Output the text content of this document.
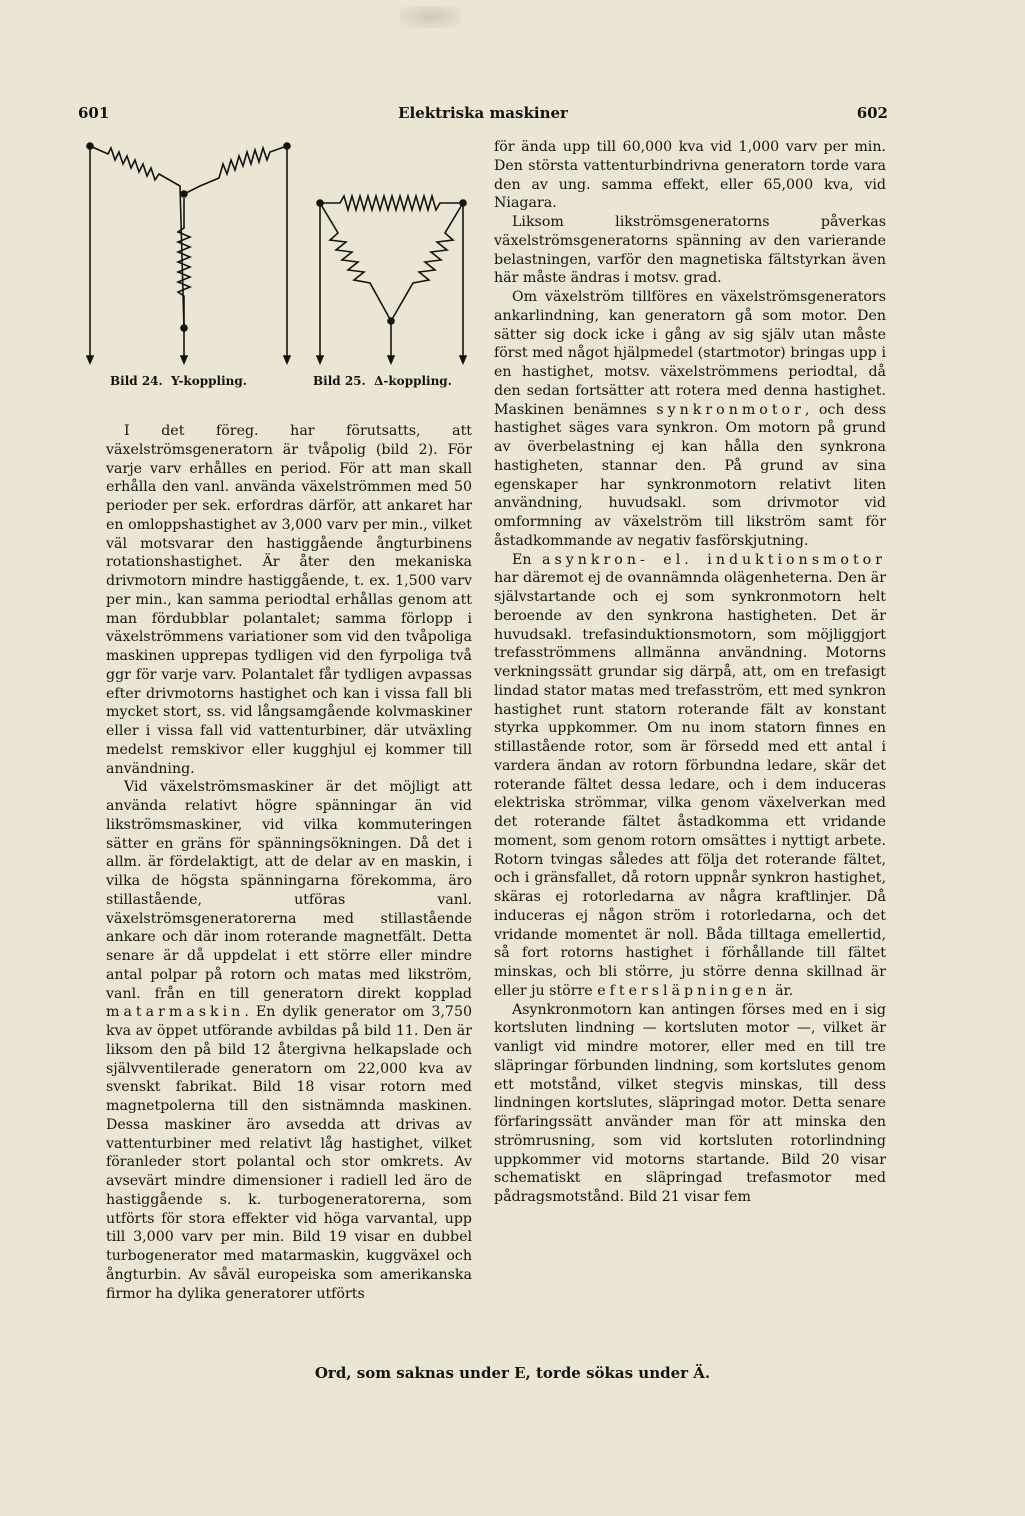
601	Elektriska maskiner	602
Bild 24. Y-koppling.	Bild 25. Δ-koppling.

I det föreg. har förutsatts, att växelströmsgeneratorn är tvåpolig (bild 2). För varje varv erhålles en period. För att man skall erhålla den vanl. använda växelströmmen med 50 perioder per sek. erfordras därför, att ankaret har en omloppshastighet av 3,000 varv per min., vilket väl motsvarar den hastiggående ångturbinens rotationshastighet. Är åter den mekaniska drivmotorn mindre hastiggående, t. ex. 1,500 varv per min., kan samma periodtal erhållas genom att man fördubblar polantalet; samma förlopp i växelströmmens variationer som vid den tvåpoliga maskinen upprepas tydligen vid den fyrpoliga två ggr för varje varv. Polantalet får tydligen avpassas efter drivmotorns hastighet och kan i vissa fall bli mycket stort, ss. vid långsamgående kolvmaskiner eller i vissa fall vid vattenturbiner, där utväxling medelst remskivor eller kugghjul ej kommer till användning.

Vid växelströmsmaskiner är det möjligt att använda relativt högre spänningar än vid likströmsmaskiner, vid vilka kommuteringen sätter en gräns för spänningsökningen. Då det i allm. är fördelaktigt, att de delar av en maskin, i vilka de högsta spänningarna förekomma, äro stillastående, utföras vanl. växelströmsgeneratorerna med stillastående ankare och där inom roterande magnetfält. Detta senare är då uppdelat i ett större eller mindre antal polpar på rotorn och matas med likström, vanl. från en till generatorn direkt kopplad matarmaskin. En dylik generator om 3,750 kva av öppet utförande avbildas på bild 11. Den är liksom den på bild 12 återgivna helkapslade och självventilerade generatorn om 22,000 kva av svenskt fabrikat. Bild 18 visar rotorn med magnetpolerna till den sistnämnda maskinen. Dessa maskiner äro avsedda att drivas av vattenturbiner med relativt låg hastighet, vilket föranleder stort polantal och stor omkrets. Av avsevärt mindre dimensioner i radiell led äro de hastiggående s. k. turbogeneratorerna, som utförts för stora effekter vid höga varvantal, upp till 3,000 varv per min. Bild 19 visar en dubbel turbogenerator med matarmaskin, kuggväxel och ångturbin. Av såväl europeiska som amerikanska firmor ha dylika generatorer utförts

för ända upp till 60,000 kva vid 1,000 varv per min. Den största vattenturbindrivna generatorn torde vara den av ung. samma effekt, eller 65,000 kva, vid Niagara.

Liksom likströmsgeneratorns påverkas växelströmsgeneratorns spänning av den varierande belastningen, varför den magnetiska fältstyrkan även här måste ändras i motsv. grad.

Om växelström tillföres en växelströmsgenerators ankarlindning, kan generatorn gå som motor. Den sätter sig dock icke i gång av sig själv utan måste först med något hjälpmedel (startmotor) bringas upp i en hastighet, motsv. växelströmmens periodtal, då den sedan fortsätter att rotera med denna hastighet. Maskinen benämnes synkronmotor, och dess hastighet säges vara synkron. Om motorn på grund av överbelastning ej kan hålla den synkrona hastigheten, stannar den. På grund av sina egenskaper har synkronmotorn relativt liten användning, huvudsakl. som drivmotor vid omformning av växelström till likström samt för åstadkommande av negativ fasförskjutning.

En asynkron- el. induktionsmotor har däremot ej de ovannämnda olägenheterna. Den är självstartande och ej som synkronmotorn helt beroende av den synkrona hastigheten. Det är huvudsakl. trefasinduktionsmotorn, som möjliggjort trefasströmmens allmänna användning. Motorns verkningssätt grundar sig därpå, att, om en trefasigt lindad stator matas med trefasström, ett med synkron hastighet runt statorn roterande fält av konstant styrka uppkommer. Om nu inom statorn finnes en stillastående rotor, som är försedd med ett antal i vardera ändan av rotorn förbundna ledare, skär det roterande fältet dessa ledare, och i dem induceras elektriska strömmar, vilka genom växelverkan med det roterande fältet åstadkomma ett vridande moment, som genom rotorn omsättes i nyttigt arbete. Rotorn tvingas således att följa det roterande fältet, och i gränsfallet, då rotorn uppnår synkron hastighet, skäras ej rotorledarna av några kraftlinjer. Då induceras ej någon ström i rotorledarna, och det vridande momentet är noll. Båda tilltaga emellertid, så fort rotorns hastighet i förhållande till fältet minskas, och bli större, ju större denna skillnad är eller ju större eftersläpningen är.

Asynkronmotorn kan antingen förses med en i sig kortsluten lindning — kortsluten motor —, vilket är vanligt vid mindre motorer, eller med en till tre släpringar förbunden lindning, som kortslutes genom ett motstånd, vilket stegvis minskas, till dess lindningen kortslutes, släpringad motor. Detta senare förfaringssätt använder man för att minska den strömrusning, som vid kortsluten rotorlindning uppkommer vid motorns startande. Bild 20 visar schematiskt en släpringad trefasmotor med pådragsmotstånd. Bild 21 visar fem

Ord, som saknas under E, torde sökas under Ä.
